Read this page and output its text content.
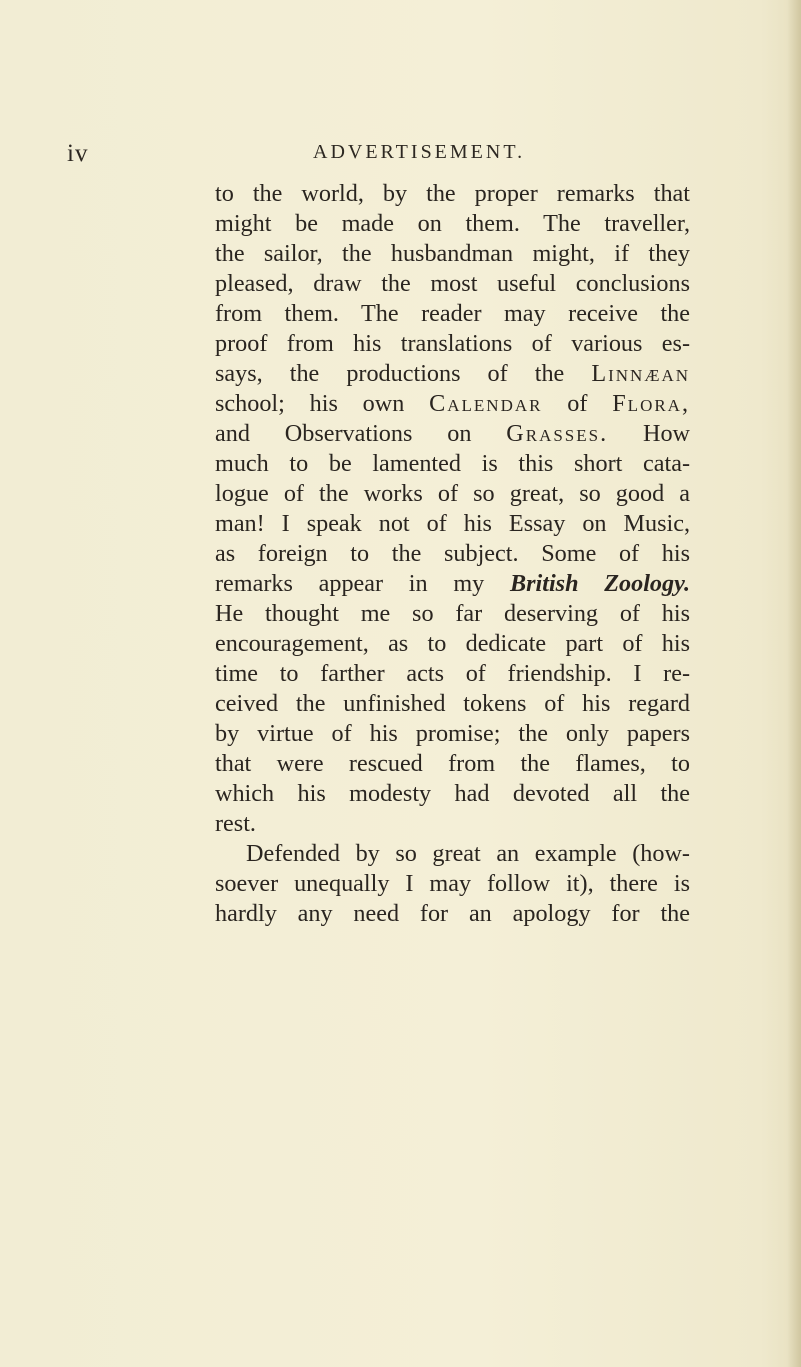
iv	ADVERTISEMENT.
to the world, by the proper remarks that
might be made on them. The traveller,
the sailor, the husbandman might, if they
pleased, draw the most useful conclusions
from them. The reader may receive the
proof from his translations of various es-
says, the productions of the Linnæan
school; his own Calendar of Flora,
and Observations on Grasses. How
much to be lamented is this short cata-
logue of the works of so great, so good a
man! I speak not of his Essay on Music,
as foreign to the subject. Some of his
remarks appear in my British Zoology.
He thought me so far deserving of his
encouragement, as to dedicate part of his
time to farther acts of friendship. I re-
ceived the unfinished tokens of his regard
by virtue of his promise; the only papers
that were rescued from the flames, to
which his modesty had devoted all the
rest.
Defended by so great an example (how-
soever unequally I may follow it), there is
hardly any need for an apology for the
